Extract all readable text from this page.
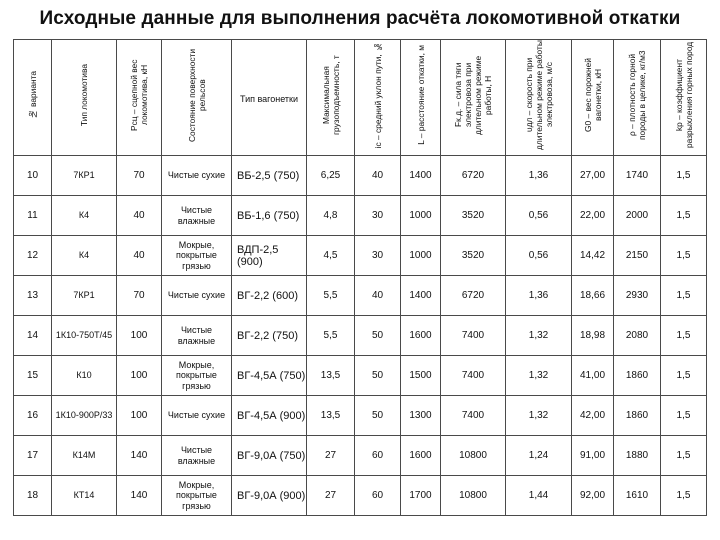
Исходные данные для выполнения расчёта локомотивной откатки
№ варианта	Тип локомотива	Pсц – сцепной вес локомотива, кН	Состояние поверхности рельсов	Тип вагонетки	Максимальная грузоподъемность, т	iс – средний уклон пути, ‰	L – расстояние откатки, м	Fк.д. – сила тяги электровоза при длительном режиме работы, Н	υдл – скорость при длительном режиме работы электровоза, м/с	G0 – вес порожней вагонетки, кН	ρ – плотность горной породы в целике, кг/м3	kр – коэффициент разрыхления горных пород
10	7КР1	70	Чистые сухие	ВБ-2,5 (750)	6,25	40	1400	6720	1,36	27,00	1740	1,5
11	К4	40	Чистые влажные	ВБ-1,6 (750)	4,8	30	1000	3520	0,56	22,00	2000	1,5
12	К4	40	Мокрые, покрытые грязью	ВДП-2,5 (900)	4,5	30	1000	3520	0,56	14,42	2150	1,5
13	7КР1	70	Чистые сухие	ВГ-2,2 (600)	5,5	40	1400	6720	1,36	18,66	2930	1,5
14	1К10-750Т/45	100	Чистые влажные	ВГ-2,2 (750)	5,5	50	1600	7400	1,32	18,98	2080	1,5
15	К10	100	Мокрые, покрытые грязью	ВГ-4,5А (750)	13,5	50	1500	7400	1,32	41,00	1860	1,5
16	1К10-900Р/33	100	Чистые сухие	ВГ-4,5А (900)	13,5	50	1300	7400	1,32	42,00	1860	1,5
17	К14М	140	Чистые влажные	ВГ-9,0А (750)	27	60	1600	10800	1,24	91,00	1880	1,5
18	КТ14	140	Мокрые, покрытые грязью	ВГ-9,0А (900)	27	60	1700	10800	1,44	92,00	1610	1,5
